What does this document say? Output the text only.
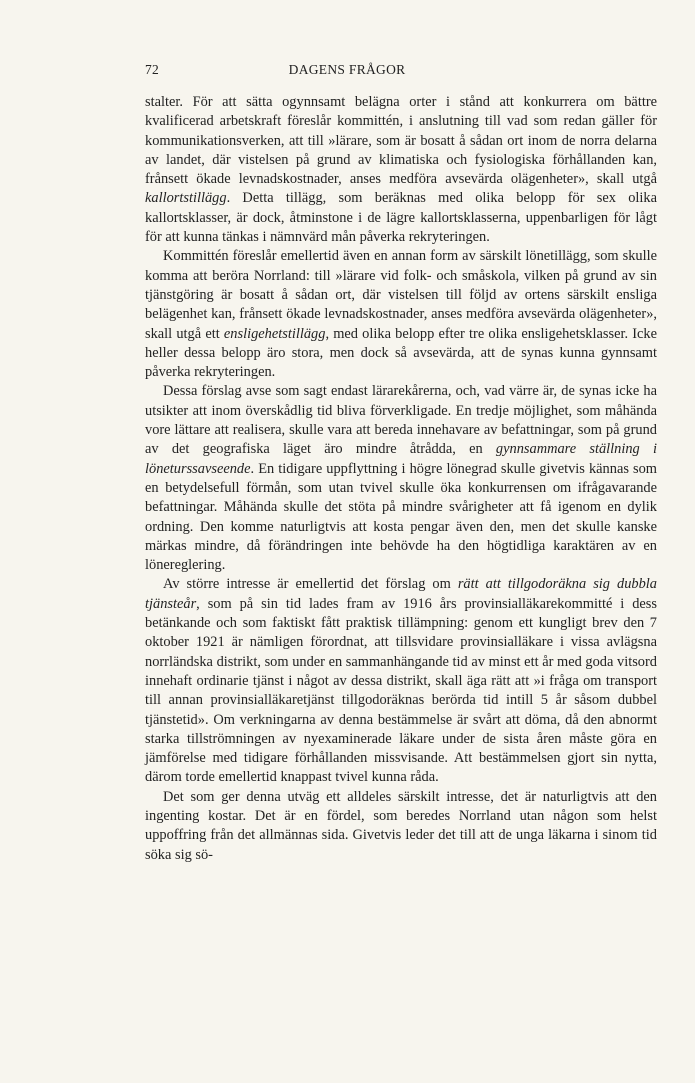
72	DAGENS FRÅGOR

stalter. För att sätta ogynnsamt belägna orter i stånd att konkurrera om bättre kvalificerad arbetskraft föreslår kommittén, i anslutning till vad som redan gäller för kommunikationsverken, att till »lärare, som är bosatt å sådan ort inom de norra delarna av landet, där vistelsen på grund av klimatiska och fysiologiska förhållanden kan, frånsett ökade levnadskostnader, anses medföra avsevärda olägenheter», skall utgå kallortstillägg. Detta tillägg, som beräknas med olika belopp för sex olika kallortsklasser, är dock, åtminstone i de lägre kallortsklasserna, uppenbarligen för lågt för att kunna tänkas i nämnvärd mån påverka rekryteringen.

Kommittén föreslår emellertid även en annan form av särskilt lönetillägg, som skulle komma att beröra Norrland: till »lärare vid folk- och småskola, vilken på grund av sin tjänstgöring är bosatt å sådan ort, där vistelsen till följd av ortens särskilt ensliga belägenhet kan, frånsett ökade levnadskostnader, anses medföra avsevärda olägenheter», skall utgå ett ensligehetstillägg, med olika belopp efter tre olika ensligehetsklasser. Icke heller dessa belopp äro stora, men dock så avsevärda, att de synas kunna gynnsamt påverka rekryteringen.

Dessa förslag avse som sagt endast lärarekårerna, och, vad värre är, de synas icke ha utsikter att inom överskådlig tid bliva förverkligade. En tredje möjlighet, som måhända vore lättare att realisera, skulle vara att bereda innehavare av befattningar, som på grund av det geografiska läget äro mindre åtrådda, en gynnsammare ställning i löneturssavseende. En tidigare uppflyttning i högre lönegrad skulle givetvis kännas som en betydelsefull förmån, som utan tvivel skulle öka konkurrensen om ifrågavarande befattningar. Måhända skulle det stöta på mindre svårigheter att få igenom en dylik ordning. Den komme naturligtvis att kosta pengar även den, men det skulle kanske märkas mindre, då förändringen inte behövde ha den högtidliga karaktären av en lönereglering.

Av större intresse är emellertid det förslag om rätt att tillgodoräkna sig dubbla tjänsteår, som på sin tid lades fram av 1916 års provinsialläkarekommitté i dess betänkande och som faktiskt fått praktisk tillämpning: genom ett kungligt brev den 7 oktober 1921 är nämligen förordnat, att tillsvidare provinsialläkare i vissa avlägsna norrländska distrikt, som under en sammanhängande tid av minst ett år med goda vitsord innehaft ordinarie tjänst i något av dessa distrikt, skall äga rätt att »i fråga om transport till annan provinsialläkaretjänst tillgodoräknas berörda tid intill 5 år såsom dubbel tjänstetid». Om verkningarna av denna bestämmelse är svårt att döma, då den abnormt starka tillströmningen av nyexaminerade läkare under de sista åren måste göra en jämförelse med tidigare förhållanden missvisande. Att bestämmelsen gjort sin nytta, därom torde emellertid knappast tvivel kunna råda.

Det som ger denna utväg ett alldeles särskilt intresse, det är naturligtvis att den ingenting kostar. Det är en fördel, som beredes Norrland utan någon som helst uppoffring från det allmännas sida. Givetvis leder det till att de unga läkarna i sinom tid söka sig sö-
